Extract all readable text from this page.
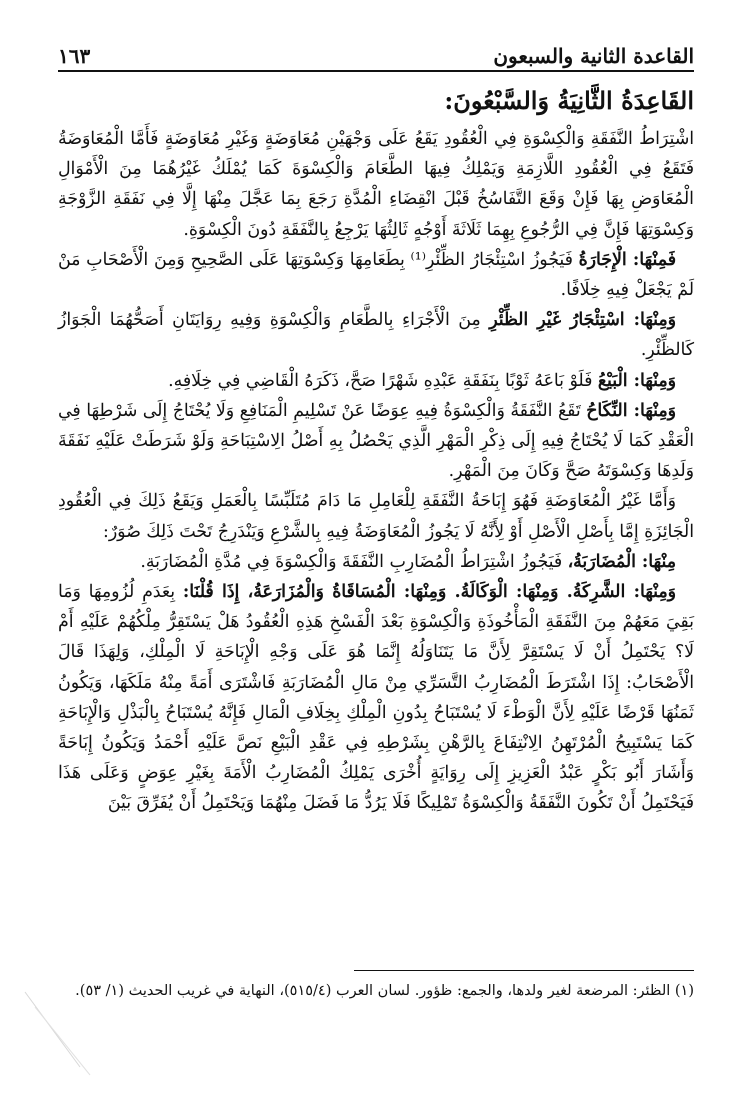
القاعدة الثانية والسبعون
١٦٣
القَاعِدَةُ الثَّانِيَةُ وَالسَّبْعُونَ:

اشْتِرَاطُ النَّفَقَةِ وَالْكِسْوَةِ فِي الْعُقُودِ يَقَعُ عَلَى وَجْهَيْنِ مُعَاوَضَةٍ وَغَيْرِ مُعَاوَضَةٍ فَأَمَّا الْمُعَاوَضَةُ فَتَقَعُ فِي الْعُقُودِ اللَّازِمَةِ وَيَمْلِكُ فِيهَا الطَّعَامَ وَالْكِسْوَةَ كَمَا يُمْلَكُ غَيْرُهُمَا مِنَ الْأَمْوَالِ الْمُعَاوَضِ بِهَا فَإِنْ وَقَعَ التَّفَاسُخُ قَبْلَ انْقِضَاءِ الْمُدَّةِ رَجَعَ بِمَا عَجَّلَ مِنْهَا إِلَّا فِي نَفَقَةِ الزَّوْجَةِ وَكِسْوَتِهَا فَإِنَّ فِي الرُّجُوعِ بِهِمَا ثَلَاثَةَ أَوْجُهٍ ثَالِثُهَا يَرْجِعُ بِالنَّفَقَةِ دُونَ الْكِسْوَةِ.

فَمِنْهَا: الْإِجَارَةُ فَيَجُوزُ اسْتِئْجَارُ الظِّئْرِ⁽¹⁾ بِطَعَامِهَا وَكِسْوَتِهَا عَلَى الصَّحِيحِ وَمِنَ الْأَصْحَابِ مَنْ لَمْ يَجْعَلْ فِيهِ خِلَافًا.

وَمِنْهَا: اسْتِئْجَارُ غَيْرِ الظِّئْرِ مِنَ الْأَجْرَاءِ بِالطَّعَامِ وَالْكِسْوَةِ وَفِيهِ رِوَايَتَانِ أَصَحُّهُمَا الْجَوَازُ كَالظِّئْرِ.

وَمِنْهَا: الْبَيْعُ فَلَوْ بَاعَهُ ثَوْبًا بِنَفَقَةِ عَبْدِهِ شَهْرًا صَحَّ، ذَكَرَهُ الْقَاضِي فِي خِلَافِهِ.

وَمِنْهَا: النِّكَاحُ تَقَعُ النَّفَقَةُ وَالْكِسْوَةُ فِيهِ عِوَضًا عَنْ تَسْلِيمِ الْمَنَافِعِ وَلَا يُحْتَاجُ إِلَى شَرْطِهَا فِي الْعَقْدِ كَمَا لَا يُحْتَاجُ فِيهِ إِلَى ذِكْرِ الْمَهْرِ الَّذِي يَحْصُلُ بِهِ أَصْلُ الِاسْتِبَاحَةِ وَلَوْ شَرَطَتْ عَلَيْهِ نَفَقَةَ وَلَدِهَا وَكِسْوَتَهُ صَحَّ وَكَانَ مِنَ الْمَهْرِ.

وَأَمَّا غَيْرُ الْمُعَاوَضَةِ فَهُوَ إِبَاحَةُ النَّفَقَةِ لِلْعَامِلِ مَا دَامَ مُتَلَبِّسًا بِالْعَمَلِ وَيَقَعُ ذَلِكَ فِي الْعُقُودِ الْجَائِزَةِ إِمَّا بِأَصْلِ الْأَصْلِ أَوْ لِأَنَّهُ لَا يَجُوزُ الْمُعَاوَضَةُ فِيهِ بِالشَّرْعِ وَيَنْدَرِجُ تَحْتَ ذَلِكَ صُوَرٌ:

مِنْهَا: الْمُضَارَبَةُ، فَيَجُوزُ اشْتِرَاطُ الْمُضَارِبِ النَّفَقَةَ وَالْكِسْوَةَ فِي مُدَّةِ الْمُضَارَبَةِ.

وَمِنْهَا: الشَّرِكَةُ. وَمِنْهَا: الْوَكَالَةُ. وَمِنْهَا: الْمُسَاقَاةُ وَالْمُزَارَعَةُ، إِذَا قُلْنَا: بِعَدَمِ لُزُومِهَا وَمَا بَقِيَ مَعَهُمْ مِنَ النَّفَقَةِ الْمَأْخُوذَةِ وَالْكِسْوَةِ بَعْدَ الْفَسْخِ هَذِهِ الْعُقُودُ هَلْ يَسْتَقِرُّ مِلْكُهُمْ عَلَيْهِ أَمْ لَا؟ يَحْتَمِلُ أَنْ لَا يَسْتَقِرَّ لِأَنَّ مَا يَتَنَاوَلُهُ إِنَّمَا هُوَ عَلَى وَجْهِ الْإِبَاحَةِ لَا الْمِلْكِ، وَلِهَذَا قَالَ الْأَصْحَابُ: إِذَا اشْتَرَطَ الْمُضَارِبُ التَّسَرِّي مِنْ مَالِ الْمُضَارَبَةِ فَاشْتَرَى أَمَةً مِنْهُ مَلَكَهَا، وَيَكُونُ ثَمَنُهَا قَرْضًا عَلَيْهِ لِأَنَّ الْوَطْءَ لَا يُسْتَبَاحُ بِدُونِ الْمِلْكِ بِخِلَافِ الْمَالِ فَإِنَّهُ يُسْتَبَاحُ بِالْبَذْلِ وَالْإِبَاحَةِ كَمَا يَسْتَبِيحُ الْمُرْتَهِنُ الِانْتِفَاعَ بِالرَّهْنِ بِشَرْطِهِ فِي عَقْدِ الْبَيْعِ نَصَّ عَلَيْهِ أَحْمَدُ وَيَكُونُ إِبَاحَةً وَأَشَارَ أَبُو بَكْرٍ عَبْدُ الْعَزِيزِ إِلَى رِوَايَةٍ أُخْرَى يَمْلِكُ الْمُضَارِبُ الْأَمَةَ بِغَيْرِ عِوَضٍ وَعَلَى هَذَا فَيَحْتَمِلُ أَنْ تَكُونَ النَّفَقَةُ وَالْكِسْوَةُ تَمْلِيكًا فَلَا يَرُدُّ مَا فَضَلَ مِنْهُمَا وَيَحْتَمِلُ أَنْ يُفَرِّقَ بَيْنَ

(١) الظئر: المرضعة لغير ولدها، والجمع: ظؤور. لسان العرب (٥١٥/٤)، النهاية في غريب الحديث (١/ ٥٣).
